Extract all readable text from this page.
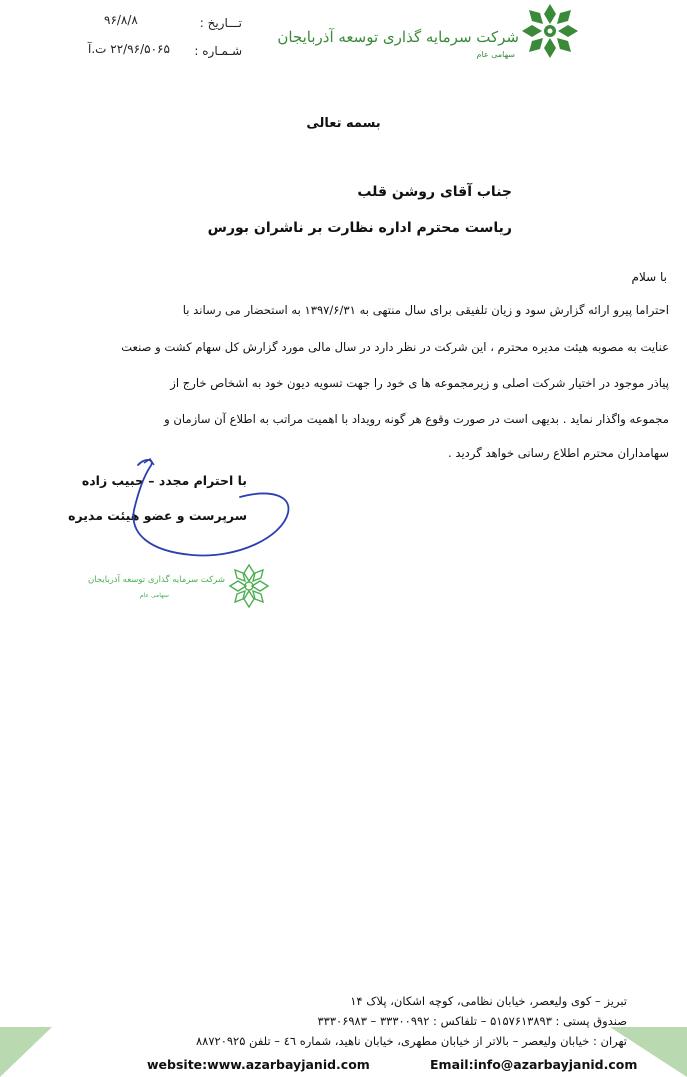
شرکت سرمایه گذاری توسعه آذربایجان
سهامی عام
تـــاریخ :
۹۶/۸/۸
شـمـاره :
۲۲/۹۶/۵۰۶۵ ت.آ
بسمه تعالی
جناب آقای روشن قلب
ریاست محترم اداره نظارت بر ناشران بورس
با سلام
احتراما پیرو ارائه گزارش سود و زیان تلفیقی برای سال منتهی به ۱۳۹۷/۶/۳۱ به استحضار می رساند با
عنایت به مصوبه هیئت مدیره محترم ، این شرکت در نظر دارد در سال مالی مورد گزارش کل سهام کشت و صنعت
پیاذر موجود در اختیار شرکت اصلی و زیرمجموعه ها ی خود را جهت تسویه دیون خود به اشخاص خارج از
مجموعه واگذار نماید . بدیهی است در صورت وقوع هر گونه رویداد با اهمیت مراتب به اطلاع آن سازمان و
سهامداران محترم اطلاع رسانی خواهد گردید .
با احترام مجدد – حبیب زاده
سرپرست و عضو هیئت مدیره
شرکت سرمایه گذاری توسعه آذربایجان
سهامی عام
تبریز – کوی ولیعصر، خیابان نظامی، کوچه اشکان، پلاک ۱۴
صندوق پستی : ۵۱۵۷۶۱۳۸۹۳ – تلفاکس : ۳۳۳۰۰۹۹۲ – ۳۳۳۰۶۹۸۳
تهران : خیابان ولیعصر – بالاتر از خیابان مطهری، خیابان ناهید، شماره ٤٦ – تلفن ۸۸۷۲۰۹۲۵
website:www.azarbayjanid.com	Email:info@azarbayjanid.com
